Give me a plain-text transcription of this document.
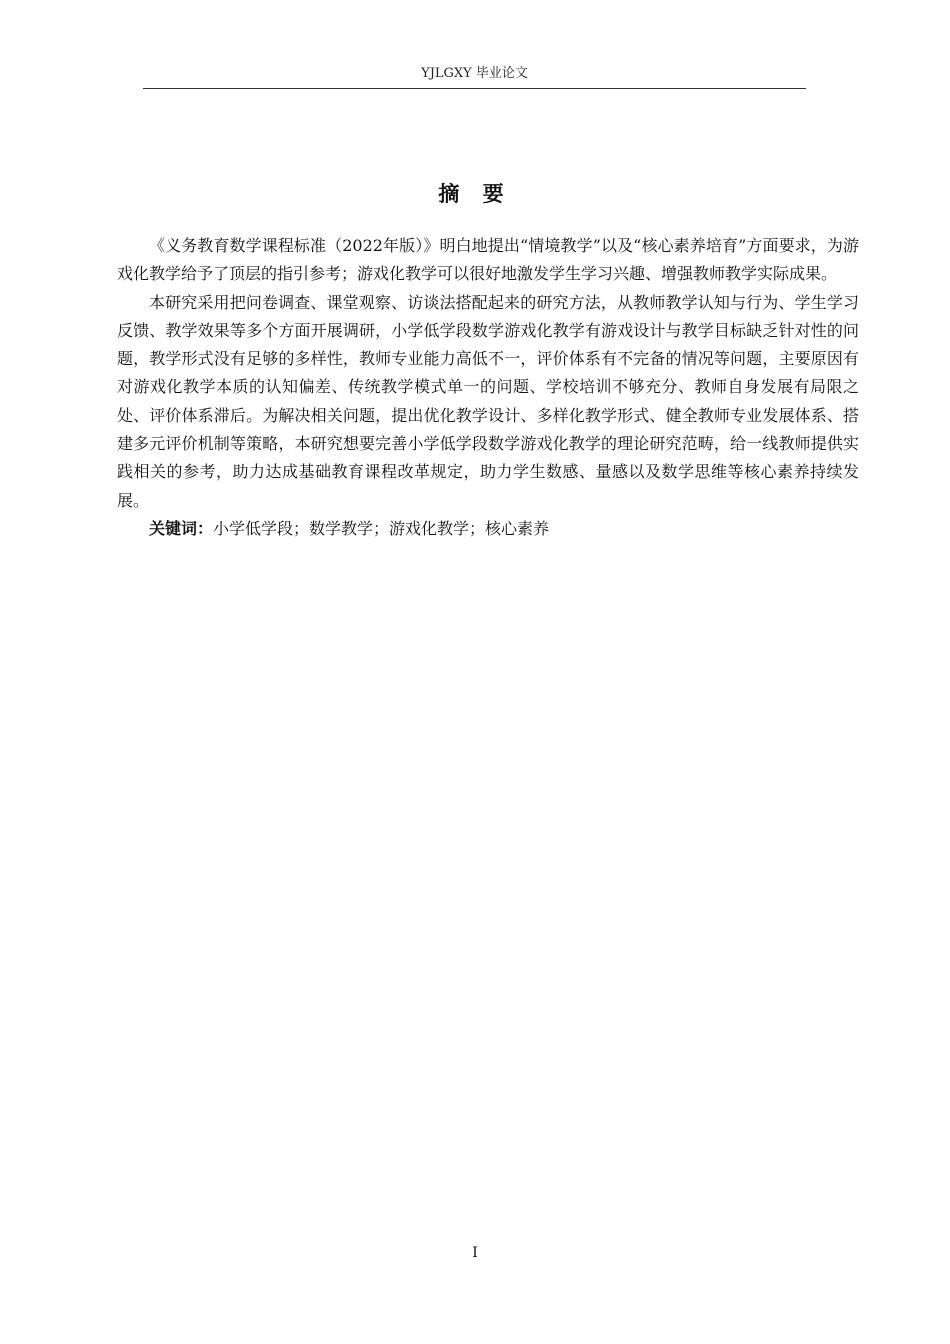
YJLGXY 毕业论文
摘 要

《义务教育数学课程标准（2022年版）》明白地提出“情境教学”以及“核心素养培育”方面要求，为游戏化教学给予了顶层的指引参考；游戏化教学可以很好地激发学生学习兴趣、增强教师教学实际成果。

本研究采用把问卷调查、课堂观察、访谈法搭配起来的研究方法，从教师教学认知与行为、学生学习反馈、教学效果等多个方面开展调研，小学低学段数学游戏化教学有游戏设计与教学目标缺乏针对性的问题，教学形式没有足够的多样性，教师专业能力高低不一，评价体系有不完备的情况等问题，主要原因有对游戏化教学本质的认知偏差、传统教学模式单一的问题、学校培训不够充分、教师自身发展有局限之处、评价体系滞后。为解决相关问题，提出优化教学设计、多样化教学形式、健全教师专业发展体系、搭建多元评价机制等策略，本研究想要完善小学低学段数学游戏化教学的理论研究范畴，给一线教师提供实践相关的参考，助力达成基础教育课程改革规定，助力学生数感、量感以及数学思维等核心素养持续发展。

关键词：小学低学段；数学教学；游戏化教学；核心素养

I
